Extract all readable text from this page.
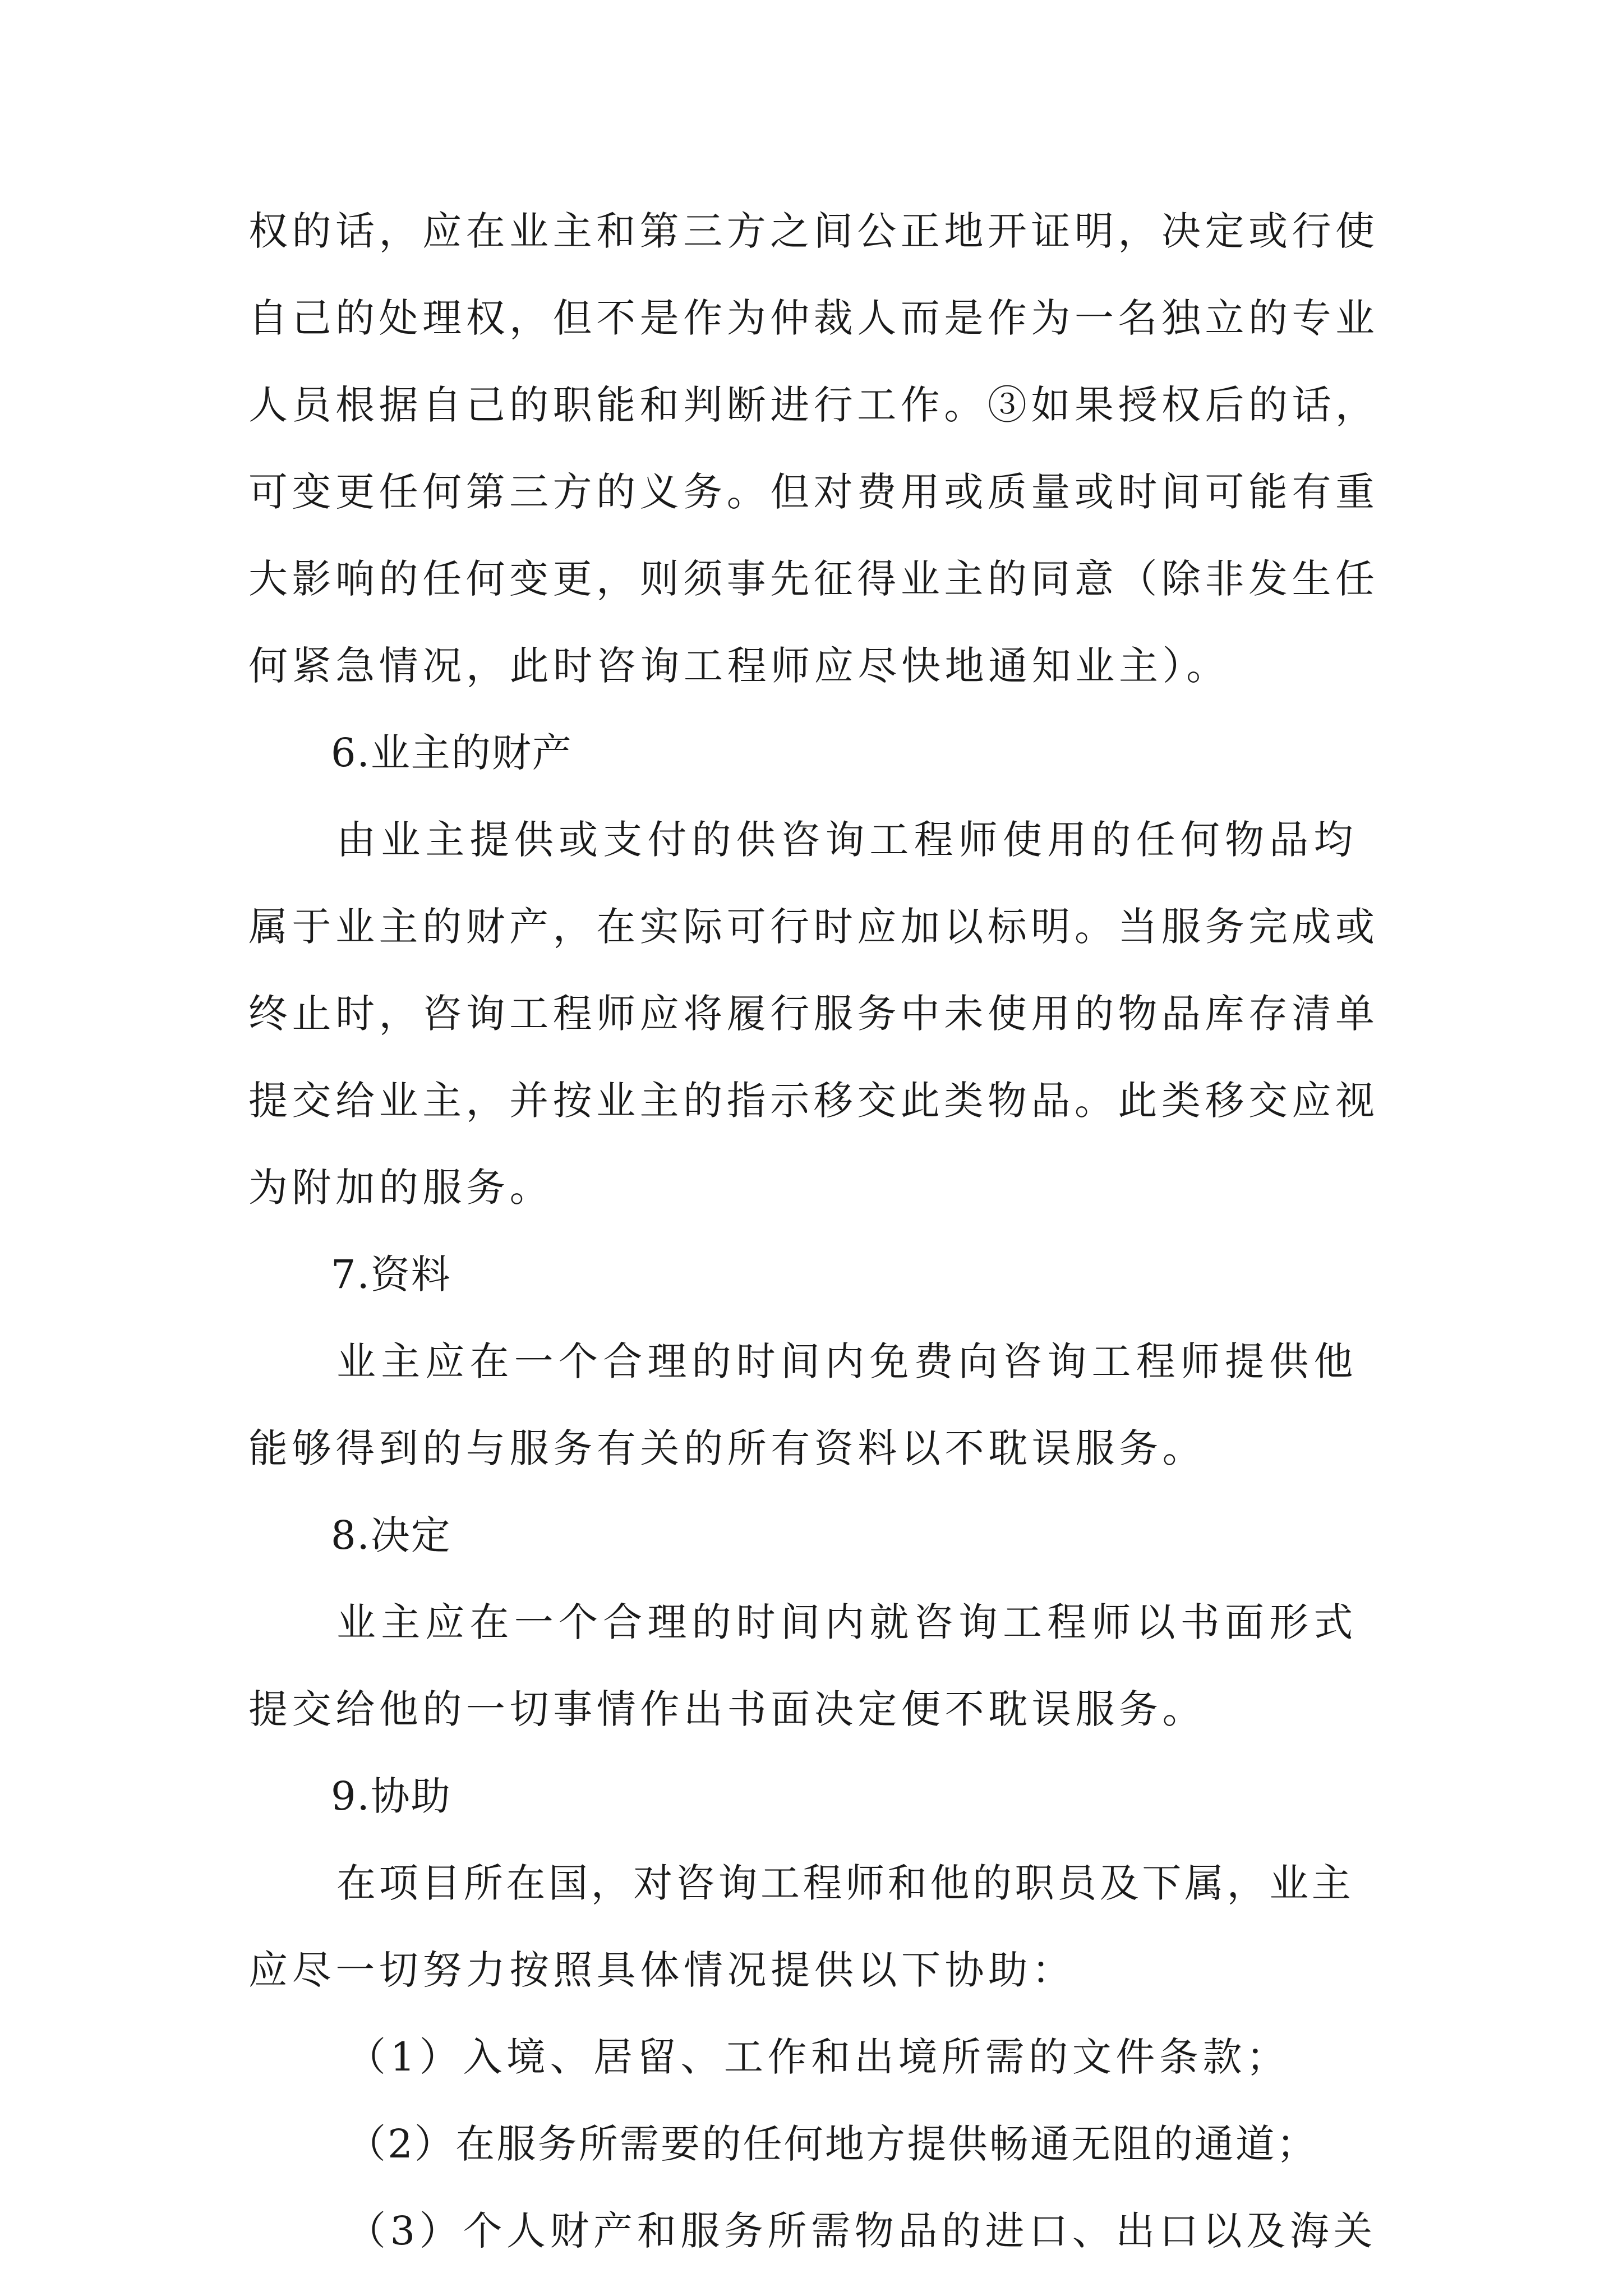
权的话，应在业主和第三方之间公正地开证明，决定或行使

自己的处理权，但不是作为仲裁人而是作为一名独立的专业

人员根据自己的职能和判断进行工作。③如果授权后的话，

可变更任何第三方的义务。但对费用或质量或时间可能有重

大影响的任何变更，则须事先征得业主的同意（除非发生任

何紧急情况，此时咨询工程师应尽快地通知业主）。

6.业主的财产

由业主提供或支付的供咨询工程师使用的任何物品均

属于业主的财产，在实际可行时应加以标明。当服务完成或

终止时，咨询工程师应将履行服务中未使用的物品库存清单

提交给业主，并按业主的指示移交此类物品。此类移交应视

为附加的服务。

7.资料

业主应在一个合理的时间内免费向咨询工程师提供他

能够得到的与服务有关的所有资料以不耽误服务。

8.决定

业主应在一个合理的时间内就咨询工程师以书面形式

提交给他的一切事情作出书面决定便不耽误服务。

9.协助

在项目所在国，对咨询工程师和他的职员及下属，业主

应尽一切努力按照具体情况提供以下协助：

（1）入境、居留、工作和出境所需的文件条款；

（2）在服务所需要的任何地方提供畅通无阻的通道；

（3）个人财产和服务所需物品的进口、出口以及海关
